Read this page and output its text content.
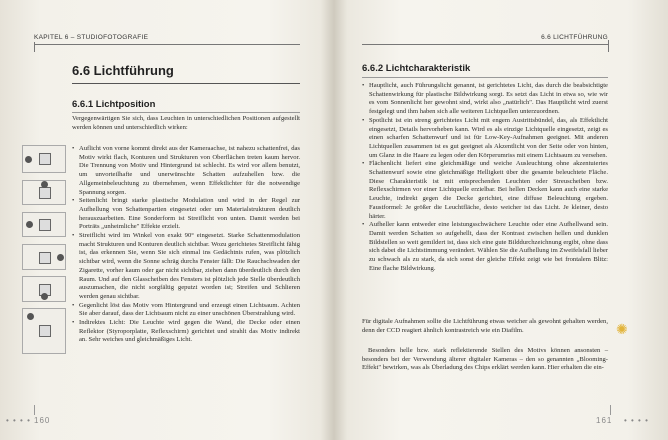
KAPITEL 6 – STUDIOFOTOGRAFIE
6.6 Lichtführung
6.6.1 Lichtposition

Vergegenwärtigen Sie sich, dass Leuchten in unterschiedlichen Positionen aufgestellt werden können und unterschiedlich wirken:

• Auflicht von vorne kommt direkt aus der Kameraachse, ist nahezu schattenfrei, das Motiv wirkt flach, Konturen und Strukturen von Oberflächen treten kaum hervor. Die Trennung von Motiv und Hintergrund ist schlecht. Es wird vor allem benutzt, um unvorteilhafte und unerwünschte Schatten aufzuhellen bzw. die Allgemeinbeleuchtung zu übernehmen, wenn Effektlichter für die notwendige Spannung sorgen.
• Seitenlicht bringt starke plastische Modulation und wird in der Regel zur Aufhellung von Schattenpartien eingesetzt oder um Materialstrukturen deutlich herauszuarbeiten. Eine Sonderform ist Streiflicht von unten. Damit werden bei Porträts „unheimliche" Effekte erzielt.
• Streiflicht wird im Winkel von exakt 90° eingesetzt. Starke Schattenmodulation macht Strukturen und Konturen deutlich sichtbar. Wozu gerichtetes Streiflicht fähig ist, das erkennen Sie, wenn Sie sich einmal ins Gedächtnis rufen, was plötzlich sichtbar wird, wenn die Sonne schräg durchs Fenster fällt: Die Rauchschwaden der Zigarette, vorher kaum oder gar nicht sichtbar, ziehen dann überdeutlich durch den Raum. Und auf den Glasscheiben des Fensters ist plötzlich jede Stelle überdeutlich auszumachen, die nicht sorgfältig geputzt worden ist; Streifen und Schlieren werden genau sichtbar.
• Gegenlicht löst das Motiv vom Hintergrund und erzeugt einen Lichtsaum. Achten Sie aber darauf, dass der Lichtsaum nicht zu einer unschönen Überstrahlung wird.
• Indirektes Licht: Die Leuchte wird gegen die Wand, die Decke oder einen Reflektor (Styroporplatte, Reflexschirm) gerichtet und strahlt das Motiv indirekt an. Sehr weiches und gleichmäßiges Licht.
• • • • 160
6.6 LICHTFÜHRUNG
6.6.2 Lichtcharakteristik
• Hauptlicht, auch Führungslicht genannt, ist gerichtetes Licht, das durch die beabsichtigte Schattenwirkung für plastische Bildwirkung sorgt. Es setzt das Licht in etwa so, wie wir es vom Sonnenlicht her gewohnt sind, wirkt also „natürlich". Das Hauptlicht wird zuerst festgelegt und ihm haben sich alle weiteren Lichtquellen unterzuordnen.
• Spotlicht ist ein streng gerichtetes Licht mit engem Austrittsbündel, das, als Effektlicht eingesetzt, Details hervorheben kann. Wird es als einzige Lichtquelle eingesetzt, zeigt es einen scharfen Schattenwurf und ist für Low-Key-Aufnahmen geeignet. Mit anderen Lichtquellen zusammen ist es gut geeignet als Akzentlicht von der Seite oder von hinten, um Glanz in die Haare zu legen oder den Körperumriss mit einem Lichtsaum zu versehen.
• Flächenlicht liefert eine gleichmäßige und weiche Ausleuchtung ohne akzentuiertes Schattenwurf sowie eine gleichmäßige Helligkeit über die gesamte beleuchtete Fläche. Diese Charakteristik ist mit entsprechenden Leuchten oder Streuscheiben bzw. Reflexschirmen vor einer Lichtquelle erzielbar. Bei hellen Decken kann auch eine starke Leuchte, indirekt gegen die Decke gerichtet, eine diffuse Beleuchtung ergeben. Faustformel: Je größer die Leuchtfläche, desto weicher ist das Licht. Je kleiner, desto härter.
• Aufheller kann entweder eine leistungsschwächere Leuchte oder eine Aufhellwand sein. Damit werden Schatten so aufgehellt, dass der Kontrast zwischen hellen und dunklen Bildstellen so weit gemildert ist, dass sich eine gute Bilddurchzeichnung ergibt, ohne dass sich dabei die Lichtstimmung verändert. Wählen Sie die Aufhellung im Zweifelsfall lieber zu schwach als zu stark, da sich sonst der gleiche Effekt zeigt wie bei frontalem Blitz: Eine flache Bildwirkung.

Für digitale Aufnahmen sollte die Lichtführung etwas weicher als gewohnt gehalten werden, denn der CCD reagiert ähnlich kontrastreich wie ein Diafilm.

Besonders helle bzw. stark reflektierende Stellen des Motivs können ansonsten – besonders bei der Verwendung älterer digitaler Kameras – den so genannten „Blooming-Effekt" bewirken, was als Überladung des Chips erklärt werden kann. Hier erhalten die ein-

✺
161 • • • •
